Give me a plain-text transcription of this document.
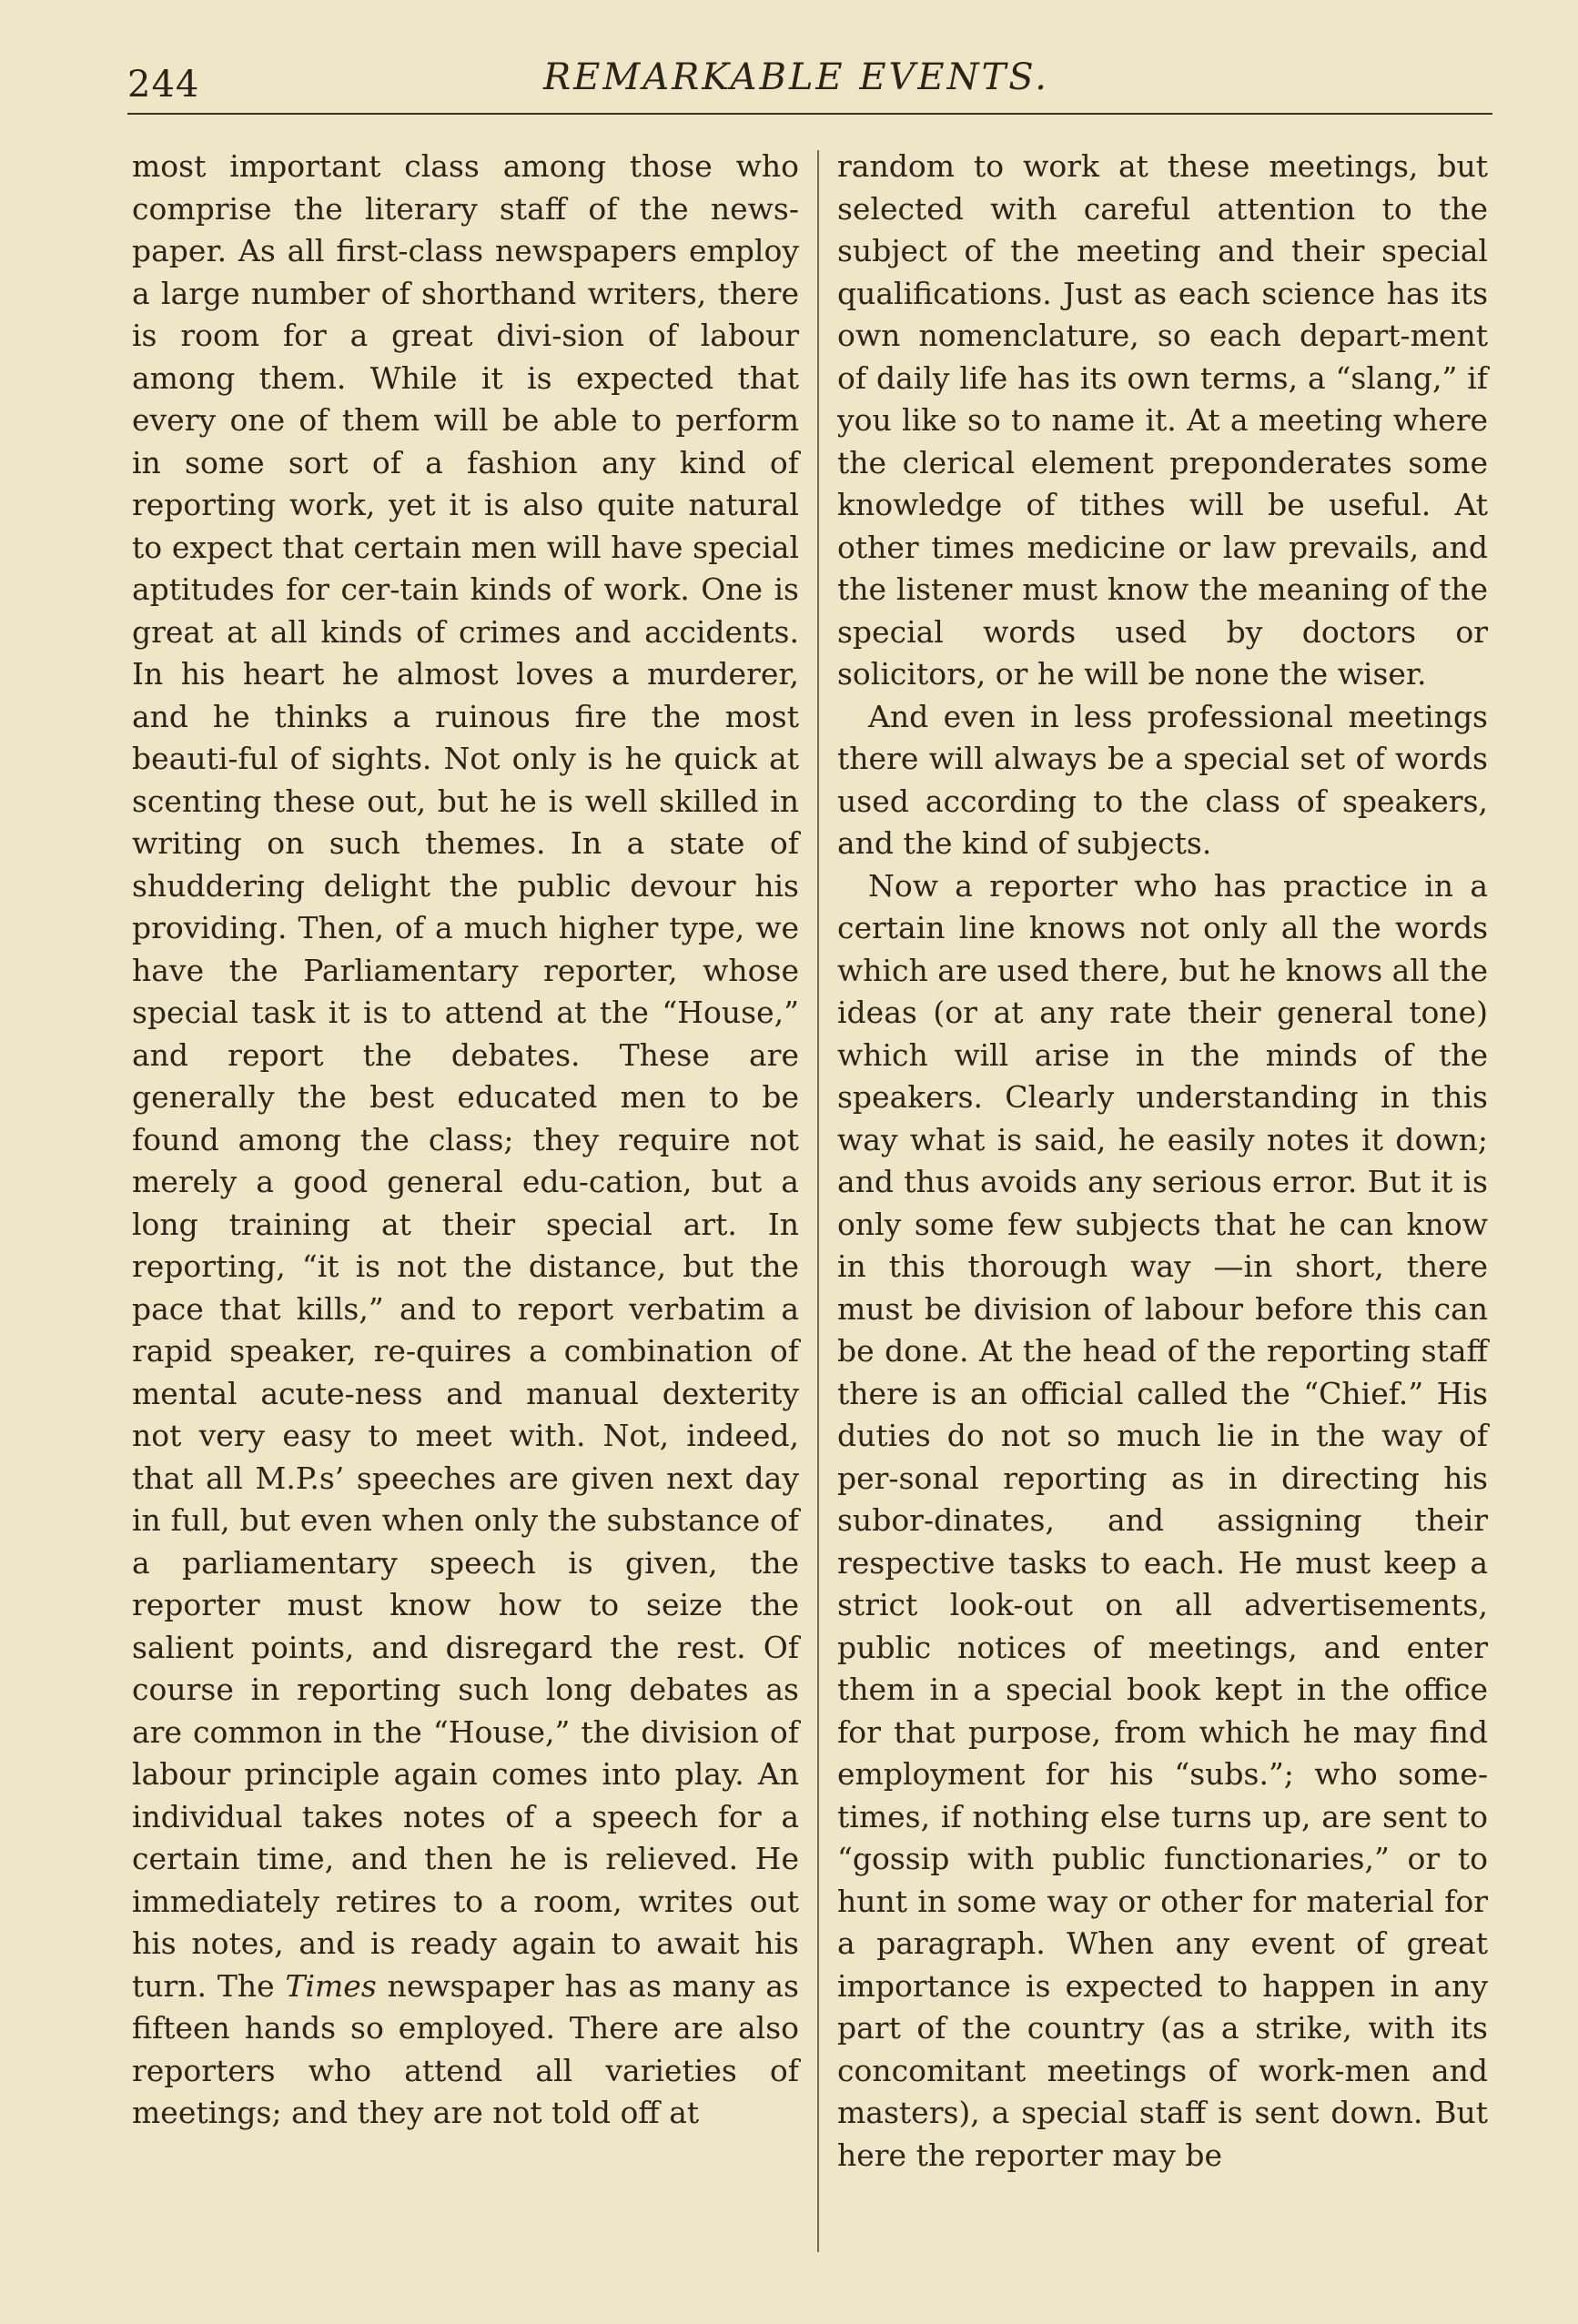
244	REMARKABLE EVENTS.

most important class among those who comprise the literary staff of the news-paper. As all first-class newspapers employ a large number of shorthand writers, there is room for a great divi-sion of labour among them. While it is expected that every one of them will be able to perform in some sort of a fashion any kind of reporting work, yet it is also quite natural to expect that certain men will have special aptitudes for cer-tain kinds of work. One is great at all kinds of crimes and accidents. In his heart he almost loves a murderer, and he thinks a ruinous fire the most beauti-ful of sights. Not only is he quick at scenting these out, but he is well skilled in writing on such themes. In a state of shuddering delight the public devour his providing. Then, of a much higher type, we have the Parliamentary reporter, whose special task it is to attend at the “House,” and report the debates. These are generally the best educated men to be found among the class; they require not merely a good general edu-cation, but a long training at their special art. In reporting, “it is not the distance, but the pace that kills,” and to report verbatim a rapid speaker, re-quires a combination of mental acute-ness and manual dexterity not very easy to meet with. Not, indeed, that all M.P.s’ speeches are given next day in full, but even when only the substance of a parliamentary speech is given, the reporter must know how to seize the salient points, and disregard the rest. Of course in reporting such long debates as are common in the “House,” the division of labour principle again comes into play. An individual takes notes of a speech for a certain time, and then he is relieved. He immediately retires to a room, writes out his notes, and is ready again to await his turn. The Times newspaper has as many as fifteen hands so employed. There are also reporters who attend all varieties of meetings; and they are not told off at

random to work at these meetings, but selected with careful attention to the subject of the meeting and their special qualifications. Just as each science has its own nomenclature, so each depart-ment of daily life has its own terms, a “slang,” if you like so to name it. At a meeting where the clerical element preponderates some knowledge of tithes will be useful. At other times medicine or law prevails, and the listener must know the meaning of the special words used by doctors or solicitors, or he will be none the wiser.

And even in less professional meetings there will always be a special set of words used according to the class of speakers, and the kind of subjects.

Now a reporter who has practice in a certain line knows not only all the words which are used there, but he knows all the ideas (or at any rate their general tone) which will arise in the minds of the speakers. Clearly understanding in this way what is said, he easily notes it down; and thus avoids any serious error. But it is only some few subjects that he can know in this thorough way —in short, there must be division of labour before this can be done. At the head of the reporting staff there is an official called the “Chief.” His duties do not so much lie in the way of per-sonal reporting as in directing his subor-dinates, and assigning their respective tasks to each. He must keep a strict look-out on all advertisements, public notices of meetings, and enter them in a special book kept in the office for that purpose, from which he may find employment for his “subs.”; who some-times, if nothing else turns up, are sent to “gossip with public functionaries,” or to hunt in some way or other for material for a paragraph. When any event of great importance is expected to happen in any part of the country (as a strike, with its concomitant meetings of work-men and masters), a special staff is sent down. But here the reporter may be
